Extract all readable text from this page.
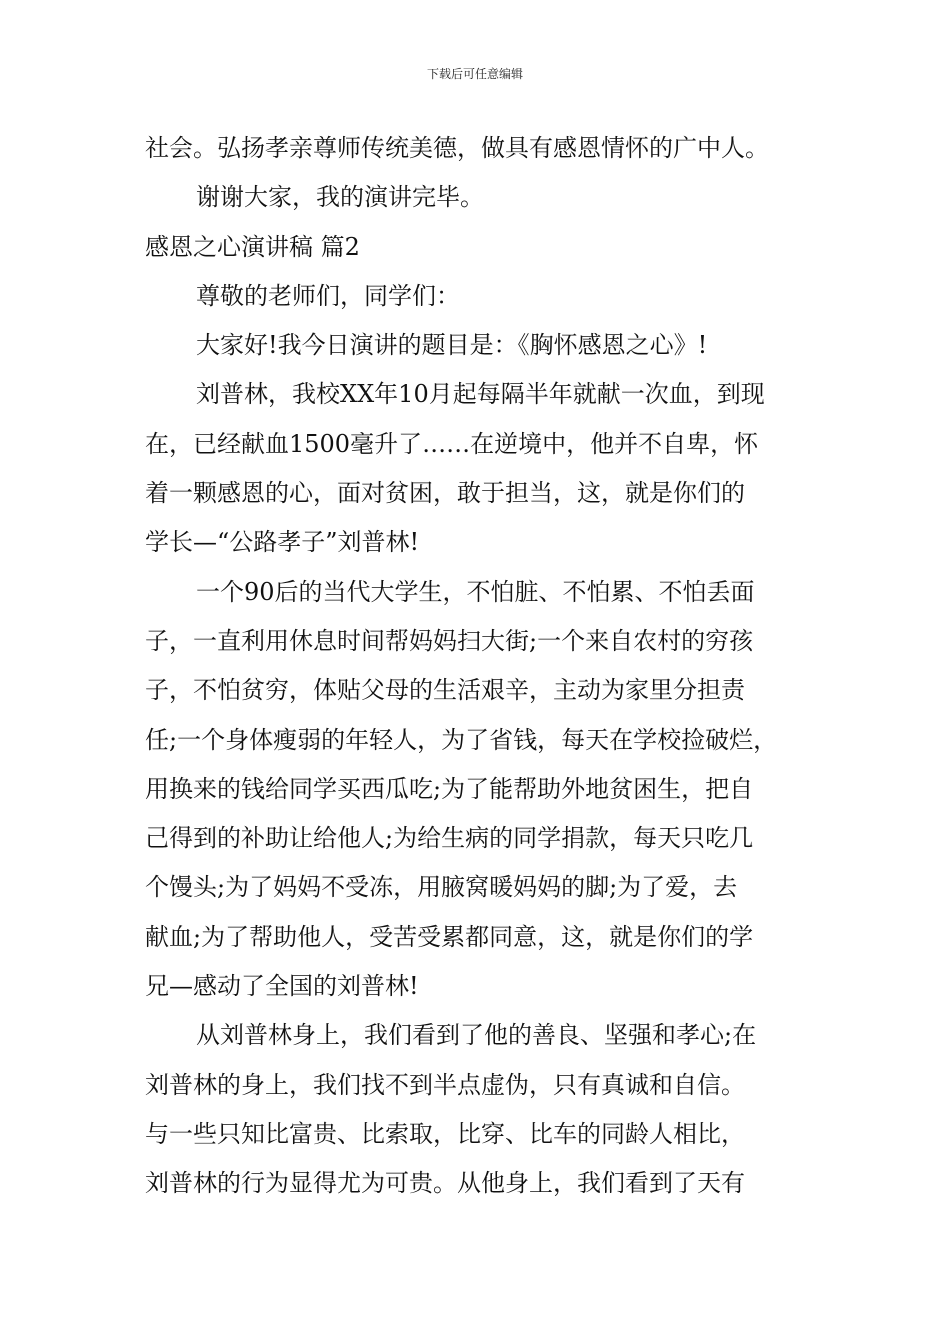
下载后可任意编辑
社会。弘扬孝亲尊师传统美德，做具有感恩情怀的广中人。
谢谢大家，我的演讲完毕。
感恩之心演讲稿 篇2
尊敬的老师们，同学们：
大家好!我今日演讲的题目是：《胸怀感恩之心》!
刘普林，我校XX年10月起每隔半年就献一次血，到现
在，已经献血1500毫升了……在逆境中，他并不自卑，怀
着一颗感恩的心，面对贫困，敢于担当，这，就是你们的
学长—“公路孝子”刘普林!
一个90后的当代大学生，不怕脏、不怕累、不怕丢面
子，一直利用休息时间帮妈妈扫大街;一个来自农村的穷孩
子，不怕贫穷，体贴父母的生活艰辛，主动为家里分担责
任;一个身体瘦弱的年轻人，为了省钱，每天在学校捡破烂，
用换来的钱给同学买西瓜吃;为了能帮助外地贫困生，把自
己得到的补助让给他人;为给生病的同学捐款，每天只吃几
个馒头;为了妈妈不受冻，用腋窝暖妈妈的脚;为了爱，去
献血;为了帮助他人，受苦受累都同意，这，就是你们的学
兄—感动了全国的刘普林!
从刘普林身上，我们看到了他的善良、坚强和孝心;在
刘普林的身上，我们找不到半点虚伪，只有真诚和自信。
与一些只知比富贵、比索取，比穿、比车的同龄人相比，
刘普林的行为显得尤为可贵。从他身上，我们看到了天有
